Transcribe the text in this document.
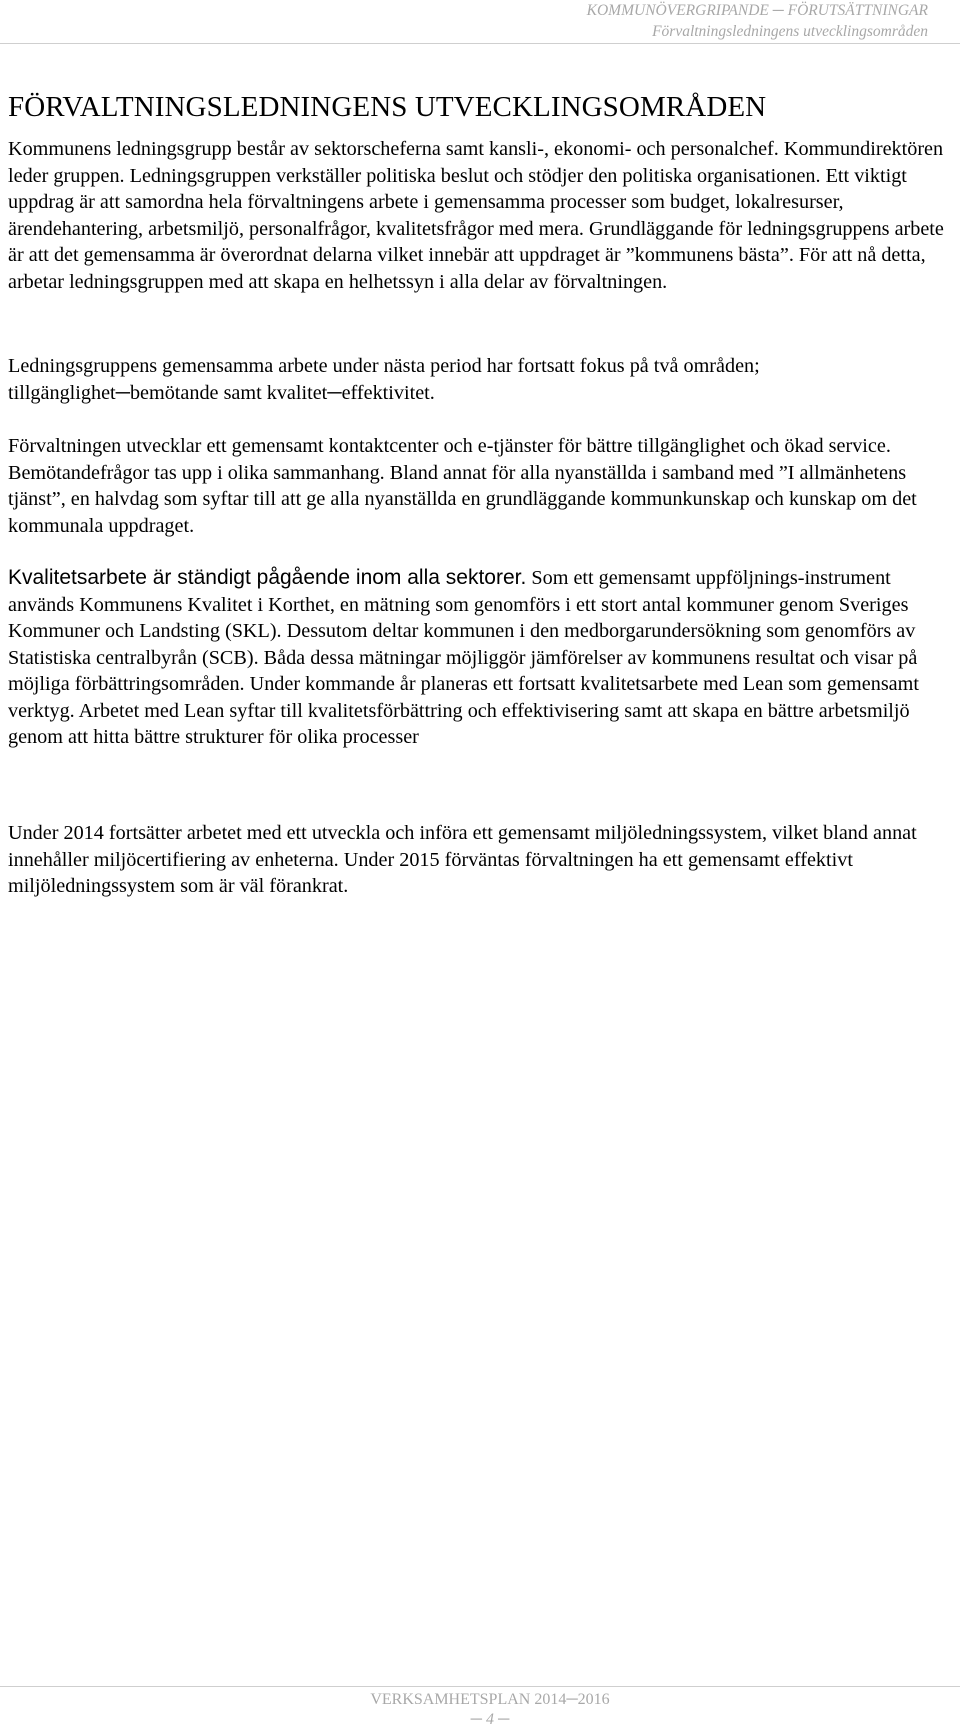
KOMMUNÖVERGRIPANDE ─ FÖRUTSÄTTNINGAR
Förvaltningsledningens utvecklingsområden
FÖRVALTNINGSLEDNINGENS UTVECKLINGSOMRÅDEN

Kommunens ledningsgrupp består av sektorscheferna samt kansli-, ekonomi- och personalchef. Kommundirektören leder gruppen. Ledningsgruppen verkställer politiska beslut och stödjer den politiska organisationen. Ett viktigt uppdrag är att samordna hela förvaltningens arbete i gemensamma processer som budget, lokalresurser, ärendehantering, arbetsmiljö, personalfrågor, kvalitetsfrågor med mera. Grundläggande för ledningsgruppens arbete är att det gemensamma är överordnat delarna vilket innebär att uppdraget är ”kommunens bästa”. För att nå detta, arbetar ledningsgruppen med att skapa en helhetssyn i alla delar av förvaltningen.

Ledningsgruppens gemensamma arbete under nästa period har fortsatt fokus på två områden; tillgänglighet─bemötande samt kvalitet─effektivitet.

Förvaltningen utvecklar ett gemensamt kontaktcenter och e-tjänster för bättre tillgänglighet och ökad service. Bemötandefrågor tas upp i olika sammanhang. Bland annat för alla nyanställda i samband med ”I allmänhetens tjänst”, en halvdag som syftar till att ge alla nyanställda en grundläggande kommunkunskap och kunskap om det kommunala uppdraget.

Kvalitetsarbete är ständigt pågående inom alla sektorer. Som ett gemensamt uppföljnings-instrument används Kommunens Kvalitet i Korthet, en mätning som genomförs i ett stort antal kommuner genom Sveriges Kommuner och Landsting (SKL). Dessutom deltar kommunen i den medborgarundersökning som genomförs av Statistiska centralbyrån (SCB). Båda dessa mätningar möjliggör jämförelser av kommunens resultat och visar på möjliga förbättringsområden. Under kommande år planeras ett fortsatt kvalitetsarbete med Lean som gemensamt verktyg. Arbetet med Lean syftar till kvalitetsförbättring och effektivisering samt att skapa en bättre arbetsmiljö genom att hitta bättre strukturer för olika processer

Under 2014 fortsätter arbetet med ett utveckla och införa ett gemensamt miljöledningssystem, vilket bland annat innehåller miljöcertifiering av enheterna. Under 2015 förväntas förvaltningen ha ett gemensamt effektivt miljöledningssystem som är väl förankrat.

VERKSAMHETSPLAN 2014─2016
─ 4 ─
